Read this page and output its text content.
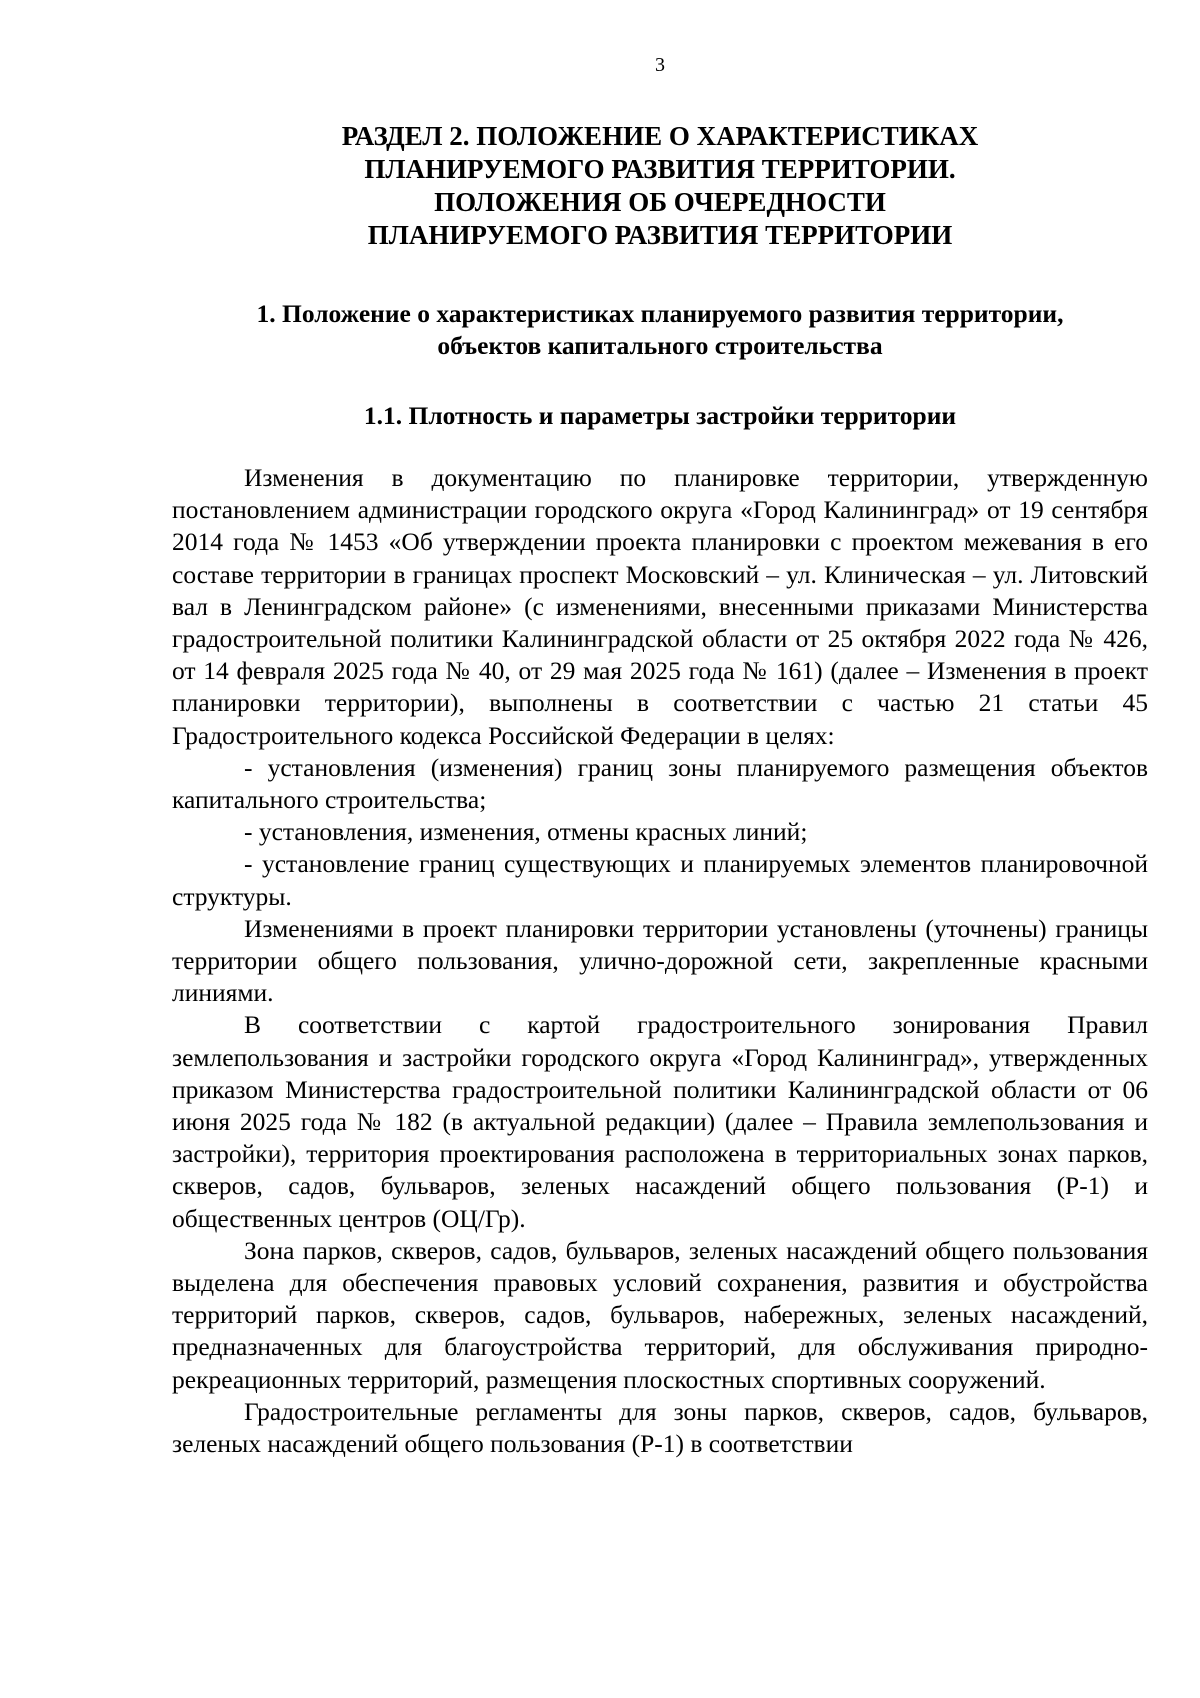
3
РАЗДЕЛ 2. ПОЛОЖЕНИЕ О ХАРАКТЕРИСТИКАХ
ПЛАНИРУЕМОГО РАЗВИТИЯ ТЕРРИТОРИИ.
ПОЛОЖЕНИЯ ОБ ОЧЕРЕДНОСТИ
ПЛАНИРУЕМОГО РАЗВИТИЯ ТЕРРИТОРИИ
1. Положение о характеристиках планируемого развития территории,
объектов капитального строительства
1.1. Плотность и параметры застройки территории

Изменения в документацию по планировке территории, утвержденную постановлением администрации городского округа «Город Калининград» от 19 сентября 2014 года № 1453 «Об утверждении проекта планировки с проектом межевания в его составе территории в границах проспект Московский – ул. Клиническая – ул. Литовский вал в Ленинградском районе» (с изменениями, внесенными приказами Министерства градостроительной политики Калининградской области от 25 октября 2022 года № 426, от 14 февраля 2025 года № 40, от 29 мая 2025 года № 161) (далее – Изменения в проект планировки территории), выполнены в соответствии с частью 21 статьи 45 Градостроительного кодекса Российской Федерации в целях:

- установления (изменения) границ зоны планируемого размещения объектов капитального строительства;

- установления, изменения, отмены красных линий;

- установление границ существующих и планируемых элементов планировочной структуры.

Изменениями в проект планировки территории установлены (уточнены) границы территории общего пользования, улично-дорожной сети, закрепленные красными линиями.

В соответствии с картой градостроительного зонирования Правил землепользования и застройки городского округа «Город Калининград», утвержденных приказом Министерства градостроительной политики Калининградской области от 06 июня 2025 года № 182 (в актуальной редакции) (далее – Правила землепользования и застройки), территория проектирования расположена в территориальных зонах парков, скверов, садов, бульваров, зеленых насаждений общего пользования (Р-1) и общественных центров (ОЦ/Гр).

Зона парков, скверов, садов, бульваров, зеленых насаждений общего пользования выделена для обеспечения правовых условий сохранения, развития и обустройства территорий парков, скверов, садов, бульваров, набережных, зеленых насаждений, предназначенных для благоустройства территорий, для обслуживания природно-рекреационных территорий, размещения плоскостных спортивных сооружений.

Градостроительные регламенты для зоны парков, скверов, садов, бульваров, зеленых насаждений общего пользования (Р-1) в соответствии
